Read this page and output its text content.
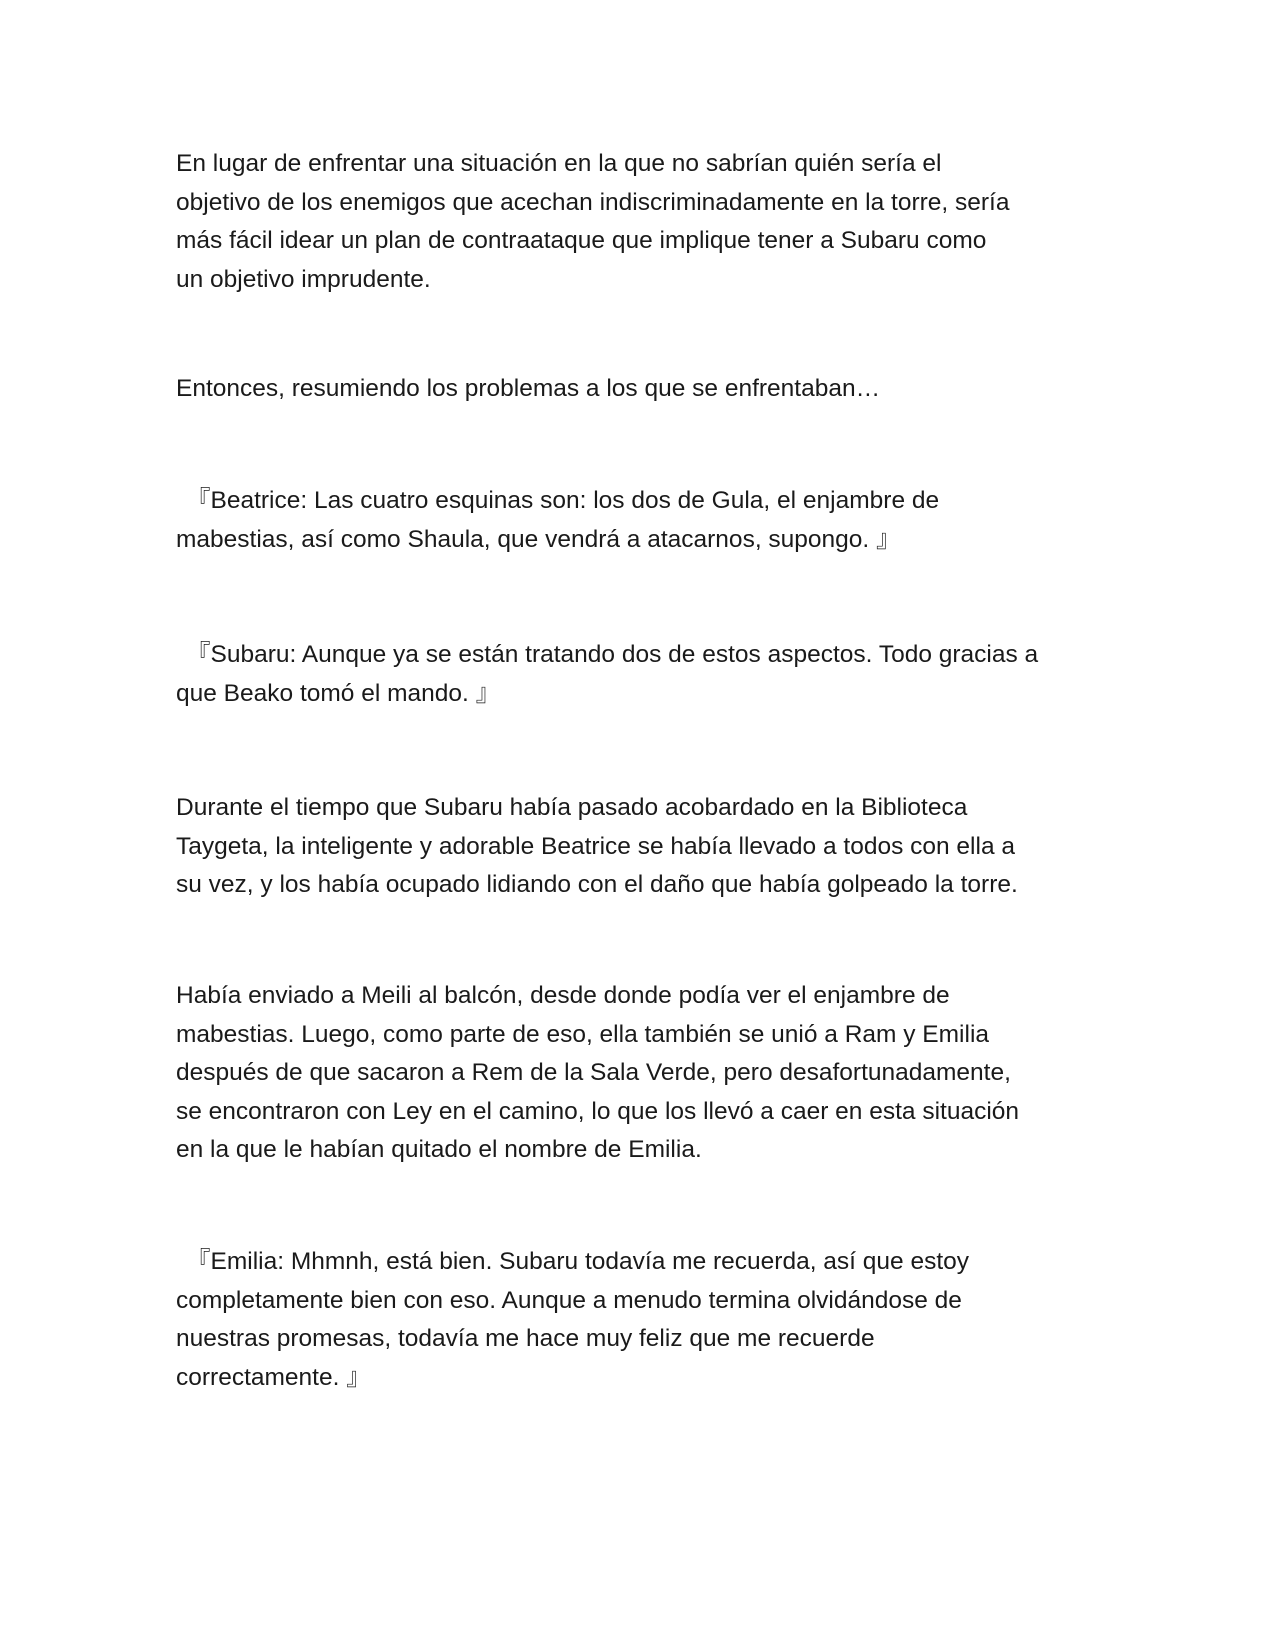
En lugar de enfrentar una situación en la que no sabrían quién sería el
objetivo de los enemigos que acechan indiscriminadamente en la torre, sería
más fácil idear un plan de contraataque que implique tener a Subaru como
un objetivo imprudente.

Entonces, resumiendo los problemas a los que se enfrentaban…

『Beatrice: Las cuatro esquinas son: los dos de Gula, el enjambre de
mabestias, así como Shaula, que vendrá a atacarnos, supongo. 』

『Subaru: Aunque ya se están tratando dos de estos aspectos. Todo gracias a
que Beako tomó el mando. 』

Durante el tiempo que Subaru había pasado acobardado en la Biblioteca
Taygeta, la inteligente y adorable Beatrice se había llevado a todos con ella a
su vez, y los había ocupado lidiando con el daño que había golpeado la torre.

Había enviado a Meili al balcón, desde donde podía ver el enjambre de
mabestias. Luego, como parte de eso, ella también se unió a Ram y Emilia
después de que sacaron a Rem de la Sala Verde, pero desafortunadamente,
se encontraron con Ley en el camino, lo que los llevó a caer en esta situación
en la que le habían quitado el nombre de Emilia.

『Emilia: Mhmnh, está bien. Subaru todavía me recuerda, así que estoy
completamente bien con eso. Aunque a menudo termina olvidándose de
nuestras promesas, todavía me hace muy feliz que me recuerde
correctamente. 』
